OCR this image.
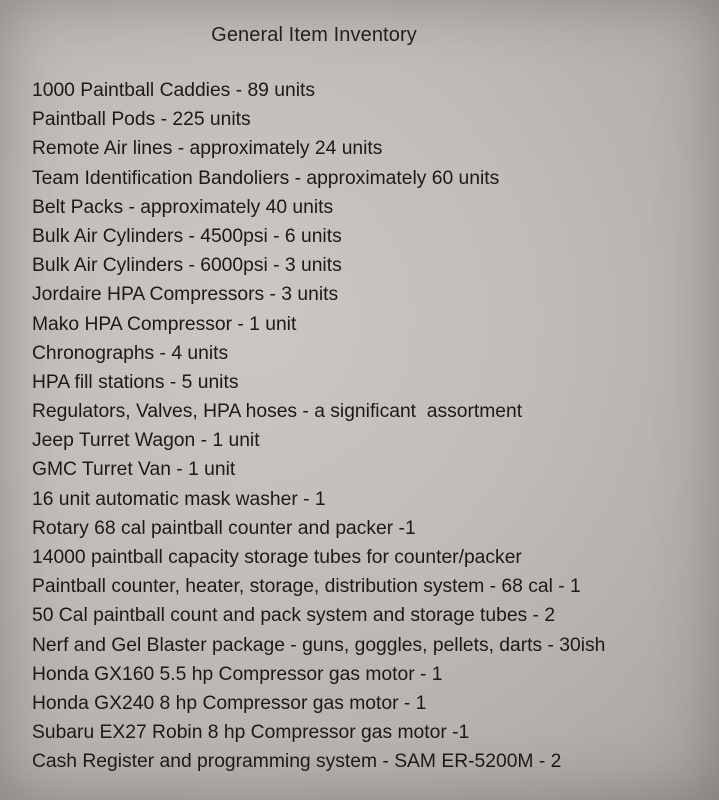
General Item Inventory
1000 Paintball Caddies - 89 units
Paintball Pods - 225 units
Remote Air lines - approximately 24 units
Team Identification Bandoliers - approximately 60 units
Belt Packs - approximately 40 units
Bulk Air Cylinders - 4500psi - 6 units
Bulk Air Cylinders - 6000psi - 3 units
Jordaire HPA Compressors - 3 units
Mako HPA Compressor - 1 unit
Chronographs - 4 units
HPA fill stations - 5 units
Regulators, Valves, HPA hoses - a significant  assortment
Jeep Turret Wagon - 1 unit
GMC Turret Van - 1 unit
16 unit automatic mask washer - 1
Rotary 68 cal paintball counter and packer -1
14000 paintball capacity storage tubes for counter/packer
Paintball counter, heater, storage, distribution system - 68 cal - 1
50 Cal paintball count and pack system and storage tubes - 2
Nerf and Gel Blaster package - guns, goggles, pellets, darts - 30ish
Honda GX160 5.5 hp Compressor gas motor - 1
Honda GX240 8 hp Compressor gas motor - 1
Subaru EX27 Robin 8 hp Compressor gas motor -1
Cash Register and programming system - SAM ER-5200M - 2
